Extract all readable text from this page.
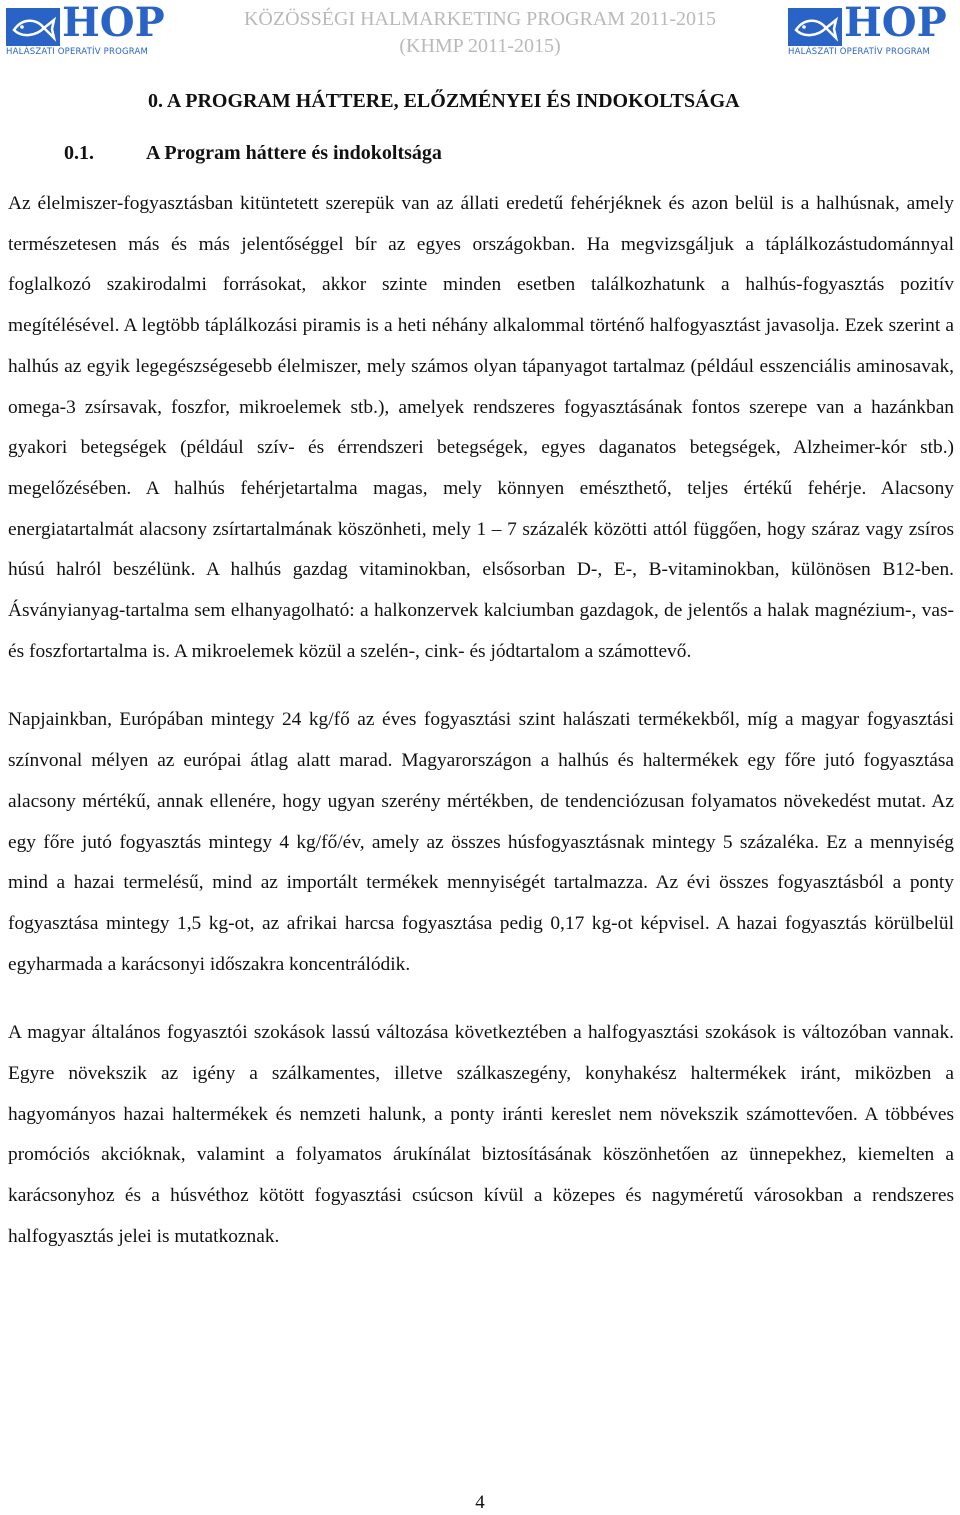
HOP
HALÁSZATI OPERATÍV PROGRAM
KÖZÖSSÉGI HALMARKETING PROGRAM 2011-2015
(KHMP 2011-2015)	HOP
HALÁSZATI OPERATÍV PROGRAM
0. A PROGRAM HÁTTERE, ELŐZMÉNYEI ÉS INDOKOLTSÁGA
0.1.	A Program háttere és indokoltsága

Az élelmiszer-fogyasztásban kitüntetett szerepük van az állati eredetű fehérjéknek és azon belül is a halhúsnak, amely természetesen más és más jelentőséggel bír az egyes országokban. Ha megvizsgáljuk a táplálkozástudománnyal foglalkozó szakirodalmi forrásokat, akkor szinte minden esetben találkozhatunk a halhús-fogyasztás pozitív megítélésével. A legtöbb táplálkozási piramis is a heti néhány alkalommal történő halfogyasztást javasolja. Ezek szerint a halhús az egyik legegészségesebb élelmiszer, mely számos olyan tápanyagot tartalmaz (például esszenciális aminosavak, omega-3 zsírsavak, foszfor, mikroelemek stb.), amelyek rendszeres fogyasztásának fontos szerepe van a hazánkban gyakori betegségek (például szív- és érrendszeri betegségek, egyes daganatos betegségek, Alzheimer-kór stb.) megelőzésében. A halhús fehérjetartalma magas, mely könnyen emészthető, teljes értékű fehérje. Alacsony energiatartalmát alacsony zsírtartalmának köszönheti, mely 1 – 7 százalék közötti attól függően, hogy száraz vagy zsíros húsú halról beszélünk. A halhús gazdag vitaminokban, elsősorban D-, E-, B-vitaminokban, különösen B12-ben. Ásványianyag-tartalma sem elhanyagolható: a halkonzervek kalciumban gazdagok, de jelentős a halak magnézium-, vas- és foszfortartalma is. A mikroelemek közül a szelén-, cink- és jódtartalom a számottevő.

Napjainkban, Európában mintegy 24 kg/fő az éves fogyasztási szint halászati termékekből, míg a magyar fogyasztási színvonal mélyen az európai átlag alatt marad. Magyarországon a halhús és haltermékek egy főre jutó fogyasztása alacsony mértékű, annak ellenére, hogy ugyan szerény mértékben, de tendenciózusan folyamatos növekedést mutat. Az egy főre jutó fogyasztás mintegy 4 kg/fő/év, amely az összes húsfogyasztásnak mintegy 5 százaléka. Ez a mennyiség mind a hazai termelésű, mind az importált termékek mennyiségét tartalmazza. Az évi összes fogyasztásból a ponty fogyasztása mintegy 1,5 kg-ot, az afrikai harcsa fogyasztása pedig 0,17 kg-ot képvisel. A hazai fogyasztás körülbelül egyharmada a karácsonyi időszakra koncentrálódik.

A magyar általános fogyasztói szokások lassú változása következtében a halfogyasztási szokások is változóban vannak. Egyre növekszik az igény a szálkamentes, illetve szálkaszegény, konyhakész haltermékek iránt, miközben a hagyományos hazai haltermékek és nemzeti halunk, a ponty iránti kereslet nem növekszik számottevően. A többéves promóciós akcióknak, valamint a folyamatos árukínálat biztosításának köszönhetően az ünnepekhez, kiemelten a karácsonyhoz és a húsvéthoz kötött fogyasztási csúcson kívül a közepes és nagyméretű városokban a rendszeres halfogyasztás jelei is mutatkoznak.

4
